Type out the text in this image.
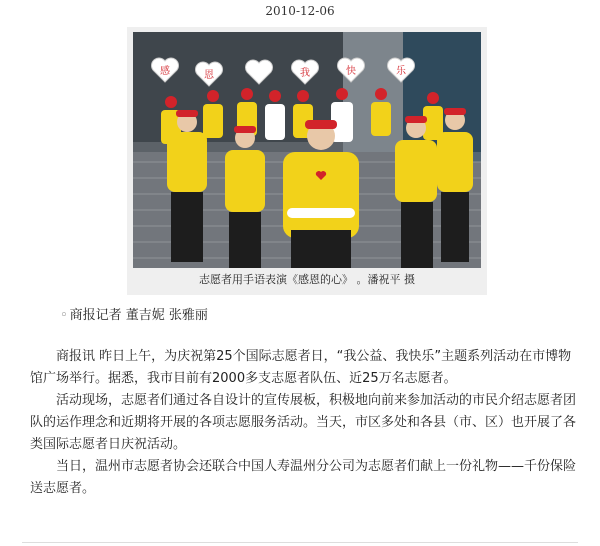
2010-12-06
感	恩	我	快	乐
志愿者用手语表演《感恩的心》 。潘祝平 摄
◦ 商报记者 董吉妮 张雅丽

商报讯 昨日上午，为庆祝第25个国际志愿者日，“我公益、我快乐”主题系列活动在市博物馆广场举行。据悉，我市目前有2000多支志愿者队伍、近25万名志愿者。

活动现场，志愿者们通过各自设计的宣传展板，积极地向前来参加活动的市民介绍志愿者团队的运作理念和近期将开展的各项志愿服务活动。当天，市区多处和各县（市、区）也开展了各类国际志愿者日庆祝活动。

当日，温州市志愿者协会还联合中国人寿温州分公司为志愿者们献上一份礼物——千份保险送志愿者。
